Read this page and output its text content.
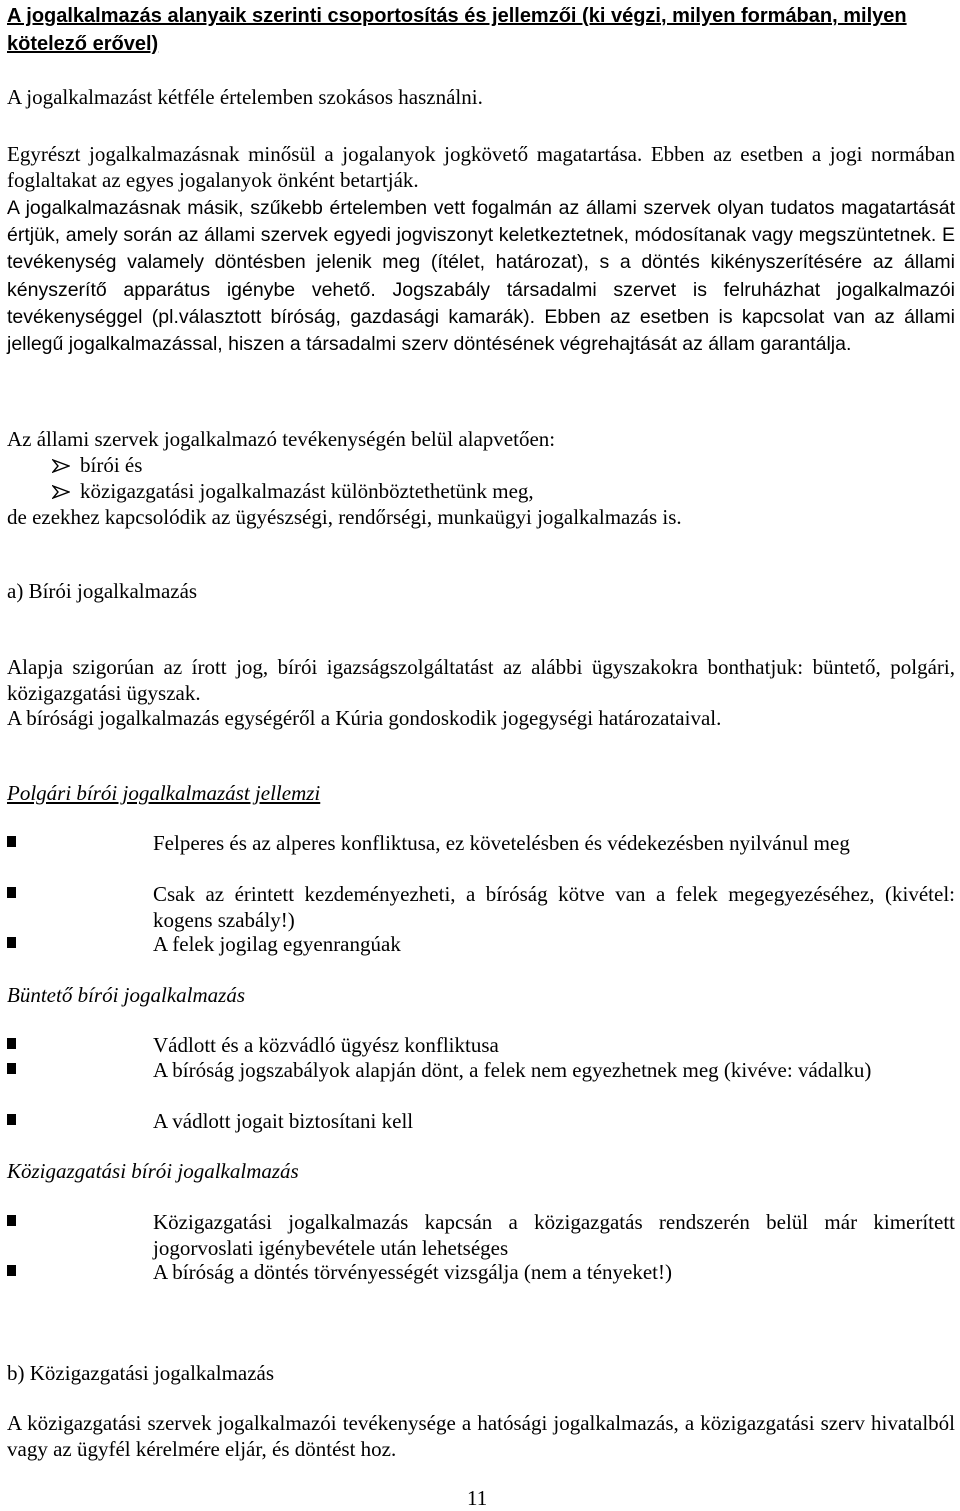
A jogalkalmazás alanyaik szerinti csoportosítás és jellemzői (ki végzi, milyen formában, milyen kötelező erővel)
A jogalkalmazást kétféle értelemben szokásos használni.
Egyrészt jogalkalmazásnak minősül a jogalanyok jogkövető magatartása. Ebben az esetben a jogi normában foglaltakat az egyes jogalanyok önként betartják.
A jogalkalmazásnak másik, szűkebb értelemben vett fogalmán az állami szervek olyan tudatos magatartását értjük, amely során az állami szervek egyedi jogviszonyt keletkeztetnek, módosítanak vagy megszüntetnek. E tevékenység valamely döntésben jelenik meg (ítélet, határozat), s a döntés kikényszerítésére az állami kényszerítő apparátus igénybe vehető. Jogszabály társadalmi szervet is felruházhat jogalkalmazói tevékenységgel (pl.választott bíróság, gazdasági kamarák). Ebben az esetben is kapcsolat van az állami jellegű jogalkalmazással, hiszen a társadalmi szerv döntésének végrehajtását az állam garantálja.
Az állami szervek jogalkalmazó tevékenységén belül alapvetően:
bírói és
közigazgatási jogalkalmazást különböztethetünk meg,
de ezekhez kapcsolódik az ügyészségi, rendőrségi, munkaügyi jogalkalmazás is.
a) Bírói jogalkalmazás
Alapja szigorúan az írott jog, bírói igazságszolgáltatást az alábbi ügyszakokra bonthatjuk: büntető, polgári, közigazgatási ügyszak.
A bírósági jogalkalmazás egységéről a Kúria gondoskodik jogegységi határozataival.
Polgári bírói jogalkalmazást jellemzi
Felperes és az alperes konfliktusa, ez követelésben és védekezésben nyilvánul meg
Csak az érintett kezdeményezheti, a bíróság kötve van a felek megegyezéséhez, (kivétel: kogens szabály!)
A felek jogilag egyenrangúak
Büntető bírói jogalkalmazás
Vádlott és a közvádló ügyész konfliktusa
A bíróság jogszabályok alapján dönt, a felek nem egyezhetnek meg (kivéve: vádalku)
A vádlott jogait biztosítani kell
Közigazgatási bírói jogalkalmazás
Közigazgatási jogalkalmazás kapcsán a közigazgatás rendszerén belül már kimerített jogorvoslati igénybevétele után lehetséges
A bíróság a döntés törvényességét vizsgálja (nem a tényeket!)
b) Közigazgatási jogalkalmazás
A közigazgatási szervek jogalkalmazói tevékenysége a hatósági jogalkalmazás, a közigazgatási szerv hivatalból vagy az ügyfél kérelmére eljár, és döntést hoz.
11
